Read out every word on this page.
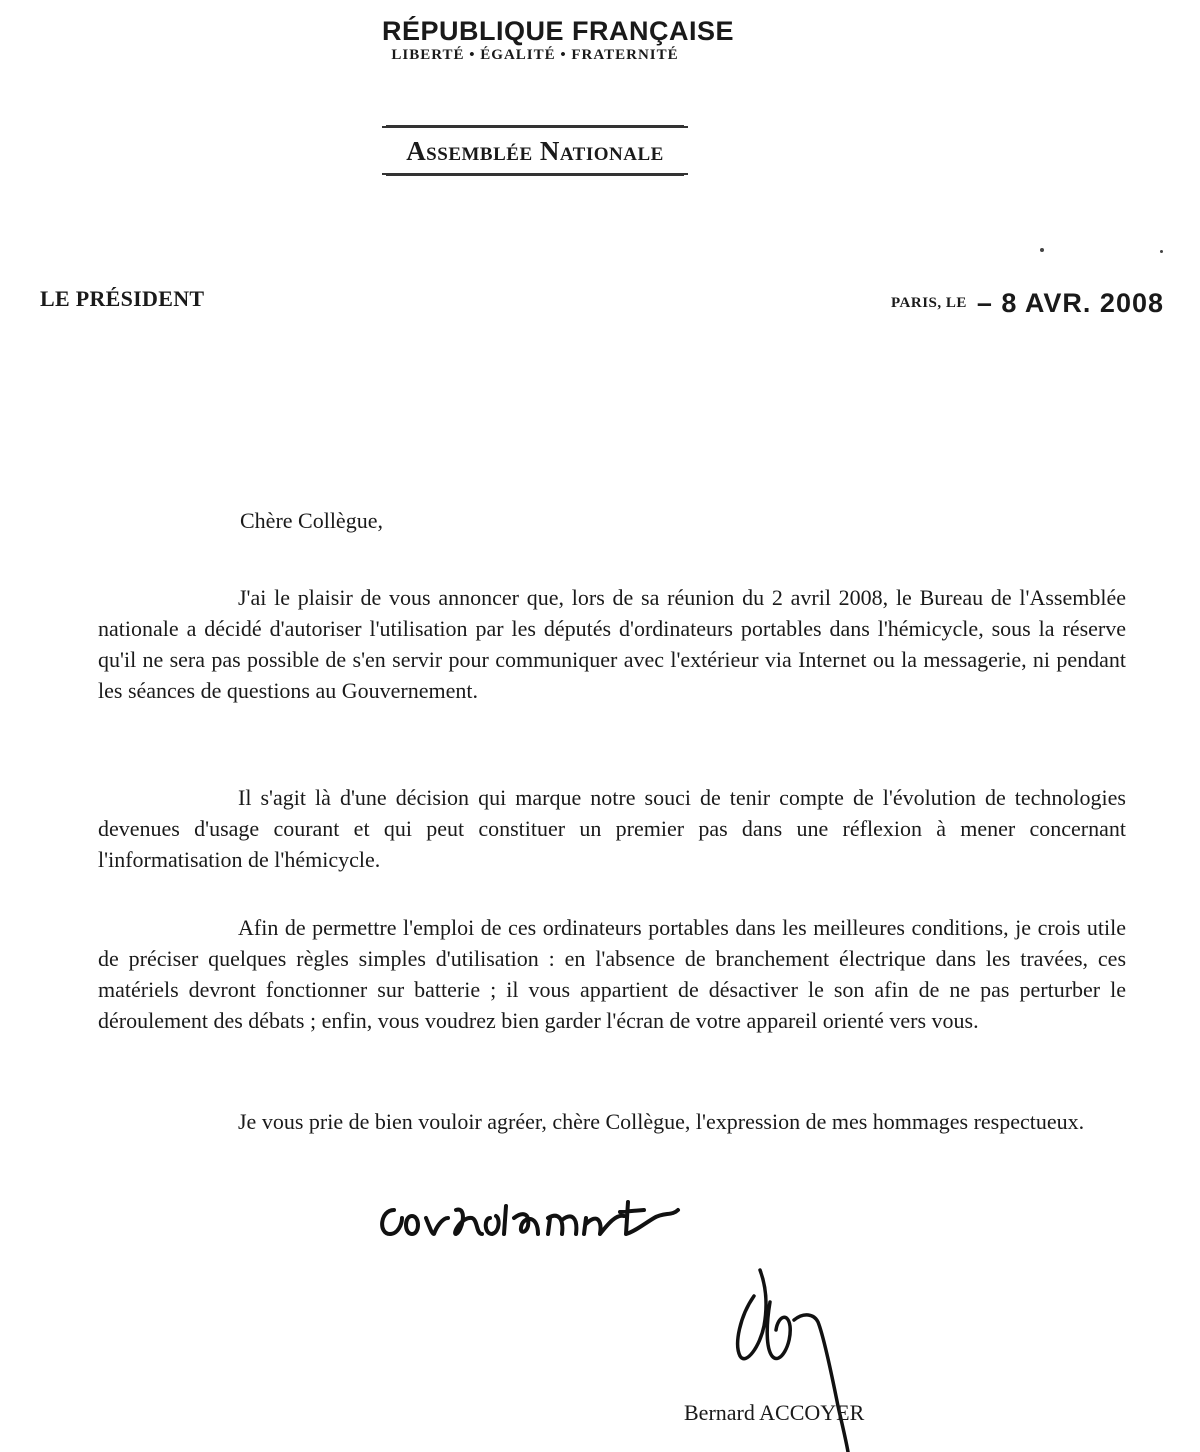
RÉPUBLIQUE FRANÇAISE
LIBERTÉ • ÉGALITÉ • FRATERNITÉ
Assemblée Nationale
LE PRÉSIDENT	PARIS, LE – 8 AVR. 2008
Chère Collègue,

J'ai le plaisir de vous annoncer que, lors de sa réunion du 2 avril 2008, le Bureau de l'Assemblée nationale a décidé d'autoriser l'utilisation par les députés d'ordinateurs portables dans l'hémicycle, sous la réserve qu'il ne sera pas possible de s'en servir pour communiquer avec l'extérieur via Internet ou la messagerie, ni pendant les séances de questions au Gouvernement.

Il s'agit là d'une décision qui marque notre souci de tenir compte de l'évolution de technologies devenues d'usage courant et qui peut constituer un premier pas dans une réflexion à mener concernant l'informatisation de l'hémicycle.

Afin de permettre l'emploi de ces ordinateurs portables dans les meilleures conditions, je crois utile de préciser quelques règles simples d'utilisation : en l'absence de branchement électrique dans les travées, ces matériels devront fonctionner sur batterie ; il vous appartient de désactiver le son afin de ne pas perturber le déroulement des débats ; enfin, vous voudrez bien garder l'écran de votre appareil orienté vers vous.

Je vous prie de bien vouloir agréer, chère Collègue, l'expression de mes hommages respectueux.

Bernard ACCOYER
